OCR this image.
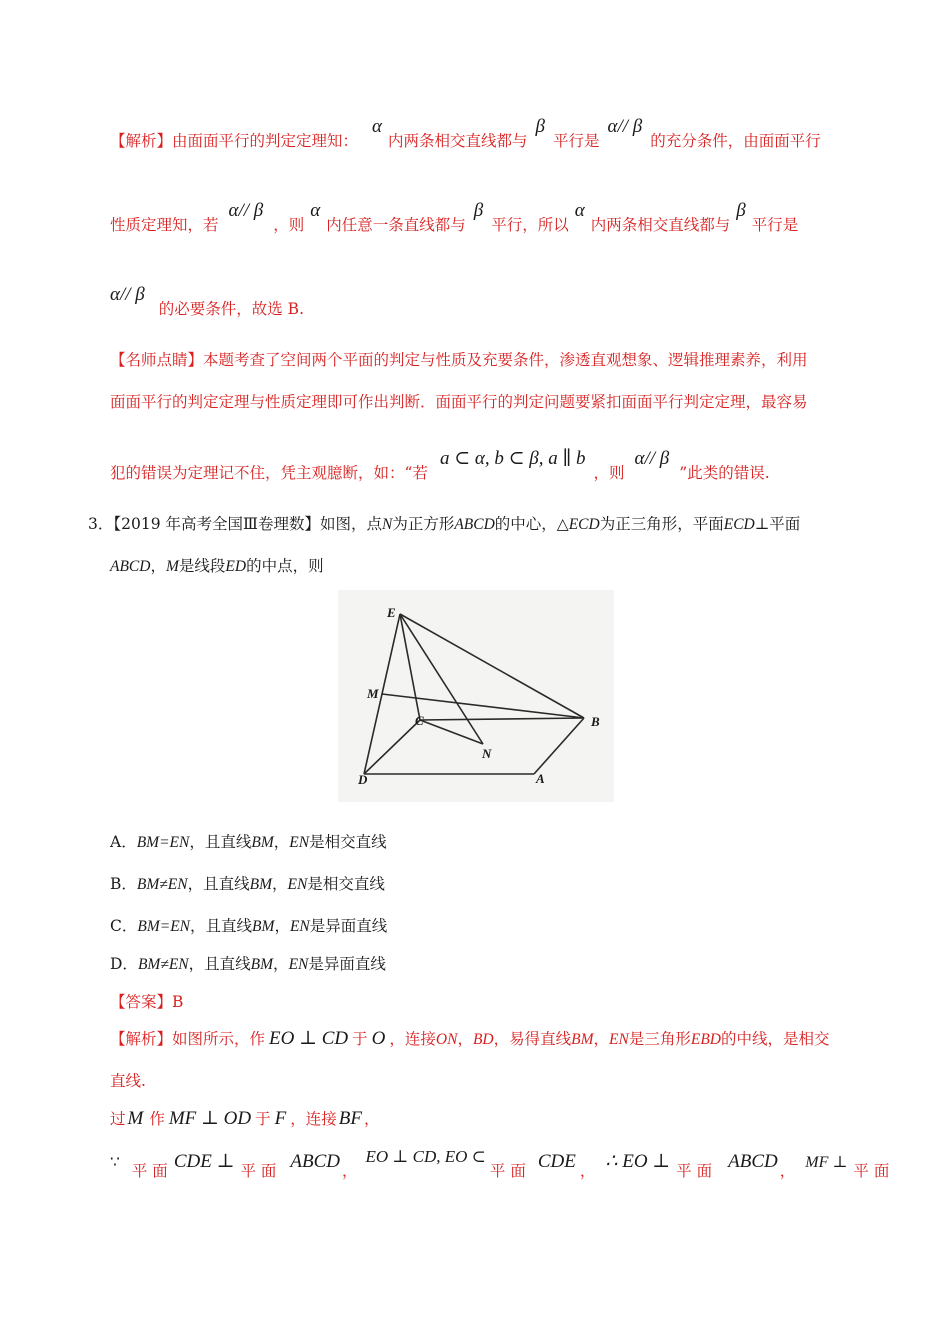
【解析】由面面平行的判定定理知：α内两条相交直线都与β平行是α// β的充分条件，由面面平行
性质定理知，若α// β，则α内任意一条直线都与β平行，所以α内两条相交直线都与β平行是
α// β的必要条件，故选 B.
【名师点睛】本题考查了空间两个平面的判定与性质及充要条件，渗透直观想象、逻辑推理素养，利用
面面平行的判定定理与性质定理即可作出判断．面面平行的判定问题要紧扣面面平行判定定理，最容易
犯的错误为定理记不住，凭主观臆断，如：“若a ⊂ α, b ⊂ β, a ∥ b，则α// β”此类的错误.
3．【2019 年高考全国Ⅲ卷理数】如图，点N为正方形ABCD的中心，△ECD为正三角形，平面ECD⊥平面
ABCD，M是线段ED的中点，则
E
M
C	B
N
D	A
A．BM=EN，且直线BM，EN是相交直线
B．BM≠EN，且直线BM，EN是相交直线
C．BM=EN，且直线BM，EN是异面直线
D．BM≠EN，且直线BM，EN是异面直线
【答案】B
【解析】如图所示，作 EO ⊥ CD 于 O ，连接ON，BD，易得直线BM，EN是三角形EBD的中线，是相交
直线.
过 M 作 MF ⊥ OD 于 F ，连接 BF ，
∵ 平 面 CDE ⊥ 平 面 ABCD ，EO ⊥ CD, EO ⊂平 面 CDE ， ∴ EO ⊥ 平 面 ABCD ， MF ⊥ 平 面
